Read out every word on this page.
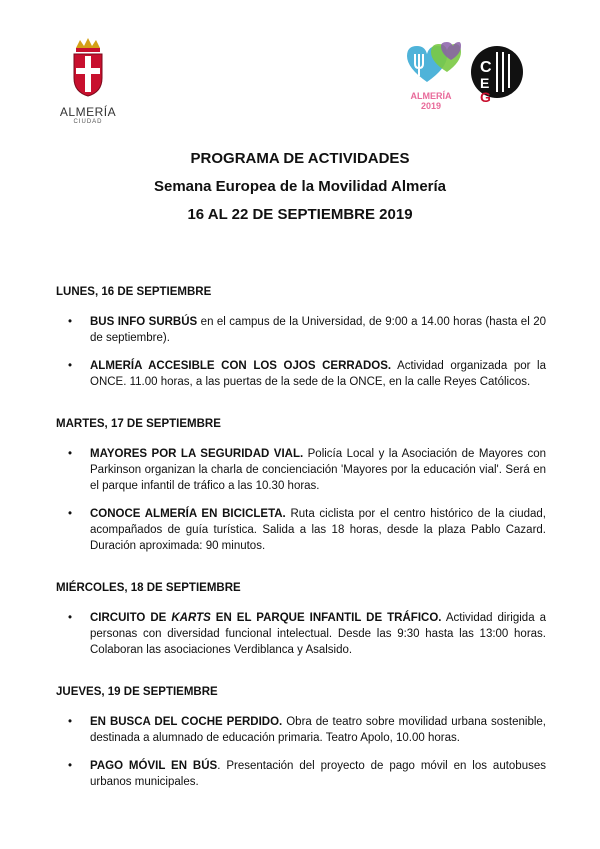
ALMERÍA
CIUDAD
ALMERÍA
2019
C
E
G
PROGRAMA DE ACTIVIDADES
Semana Europea de la Movilidad Almería
16 AL 22 DE SEPTIEMBRE 2019
LUNES, 16 DE SEPTIEMBRE
•	BUS INFO SURBÚS en el campus de la Universidad, de 9:00 a 14.00 horas (hasta el 20 de septiembre).
•	ALMERÍA ACCESIBLE CON LOS OJOS CERRADOS. Actividad organizada por la ONCE. 11.00 horas, a las puertas de la sede de la ONCE, en la calle Reyes Católicos.
MARTES, 17 DE SEPTIEMBRE
•	MAYORES POR LA SEGURIDAD VIAL. Policía Local y la Asociación de Mayores con Parkinson organizan la charla de concienciación 'Mayores por la educación vial'. Será en el parque infantil de tráfico a las 10.30 horas.
•	CONOCE ALMERÍA EN BICICLETA. Ruta ciclista por el centro histórico de la ciudad, acompañados de guía turística. Salida a las 18 horas, desde la plaza Pablo Cazard. Duración aproximada: 90 minutos.
MIÉRCOLES, 18 DE SEPTIEMBRE
•	CIRCUITO DE KARTS EN EL PARQUE INFANTIL DE TRÁFICO. Actividad dirigida a personas con diversidad funcional intelectual. Desde las 9:30 hasta las 13:00 horas. Colaboran las asociaciones Verdiblanca y Asalsido.
JUEVES, 19 DE SEPTIEMBRE
•	EN BUSCA DEL COCHE PERDIDO. Obra de teatro sobre movilidad urbana sostenible, destinada a alumnado de educación primaria. Teatro Apolo, 10.00 horas.
•	PAGO MÓVIL EN BÚS. Presentación del proyecto de pago móvil en los autobuses urbanos municipales.
